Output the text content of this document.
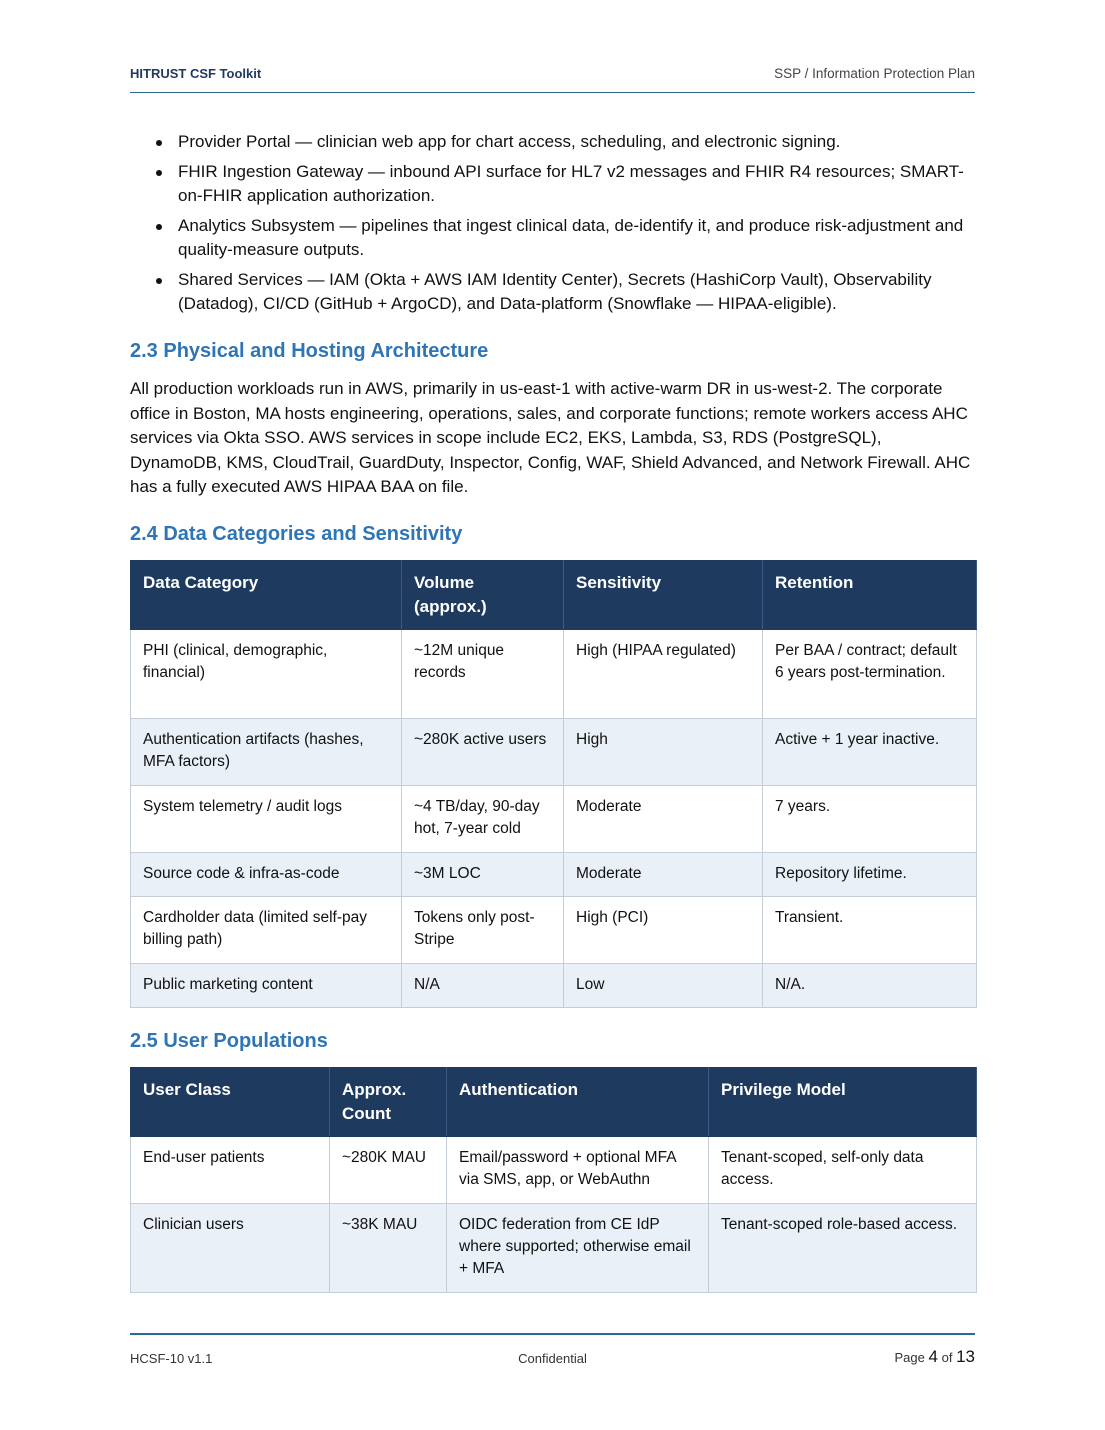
HITRUST CSF Toolkit	SSP / Information Protection Plan
Provider Portal — clinician web app for chart access, scheduling, and electronic signing.
FHIR Ingestion Gateway — inbound API surface for HL7 v2 messages and FHIR R4 resources; SMART-on-FHIR application authorization.
Analytics Subsystem — pipelines that ingest clinical data, de-identify it, and produce risk-adjustment and quality-measure outputs.
Shared Services — IAM (Okta + AWS IAM Identity Center), Secrets (HashiCorp Vault), Observability (Datadog), CI/CD (GitHub + ArgoCD), and Data-platform (Snowflake — HIPAA-eligible).
2.3 Physical and Hosting Architecture

All production workloads run in AWS, primarily in us-east-1 with active-warm DR in us-west-2. The corporate office in Boston, MA hosts engineering, operations, sales, and corporate functions; remote workers access AHC services via Okta SSO. AWS services in scope include EC2, EKS, Lambda, S3, RDS (PostgreSQL), DynamoDB, KMS, CloudTrail, GuardDuty, Inspector, Config, WAF, Shield Advanced, and Network Firewall. AHC has a fully executed AWS HIPAA BAA on file.

2.4 Data Categories and Sensitivity
Data Category	Volume (approx.)	Sensitivity	Retention
PHI (clinical, demographic, financial)	~12M unique records	High (HIPAA regulated)	Per BAA / contract; default 6 years post-termination.
Authentication artifacts (hashes, MFA factors)	~280K active users	High	Active + 1 year inactive.
System telemetry / audit logs	~4 TB/day, 90-day hot, 7-year cold	Moderate	7 years.
Source code & infra-as-code	~3M LOC	Moderate	Repository lifetime.
Cardholder data (limited self-pay billing path)	Tokens only post-Stripe	High (PCI)	Transient.
Public marketing content	N/A	Low	N/A.
2.5 User Populations
User Class	Approx. Count	Authentication	Privilege Model
End-user patients	~280K MAU	Email/password + optional MFA via SMS, app, or WebAuthn	Tenant-scoped, self-only data access.
Clinician users	~38K MAU	OIDC federation from CE IdP where supported; otherwise email + MFA	Tenant-scoped role-based access.
HCSF-10 v1.1	Confidential	Page 4 of 13
